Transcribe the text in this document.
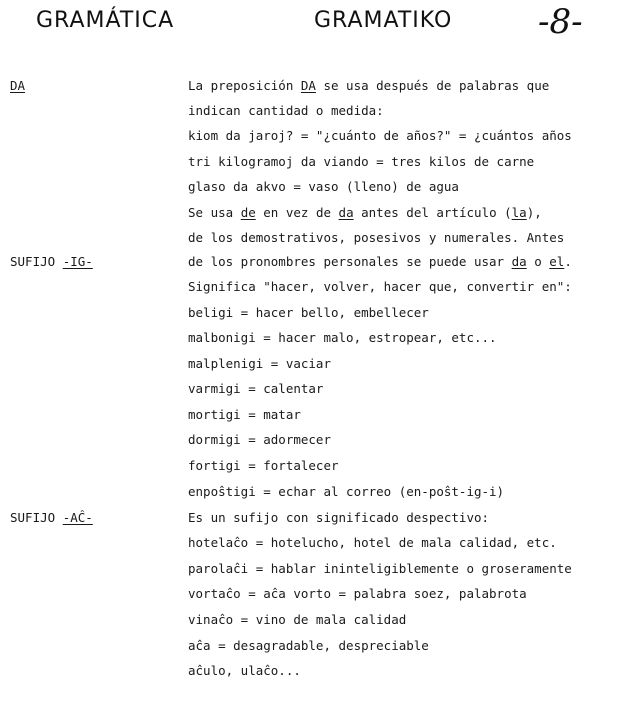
GRAMÁTICA	GRAMATIKO	-8-
DA
SUFIJO -IG-
SUFIJO -AĈ-
La preposición DA se usa después de palabras que
indican cantidad o medida:
kiom da jaroj? = "¿cuánto de años?" = ¿cuántos años
tri kilogramoj da viando = tres kilos de carne
glaso da akvo = vaso (lleno) de agua
Se usa de en vez de da antes del artículo (la),
de los demostrativos, posesivos y numerales. Antes
de los pronombres personales se puede usar da o el.
Significa "hacer, volver, hacer que, convertir en":
beligi = hacer bello, embellecer
malbonigi = hacer malo, estropear, etc...
malplenigi = vaciar
varmigi = calentar
mortigi = matar
dormigi = adormecer
fortigi = fortalecer
enpoŝtigi = echar al correo (en-poŝt-ig-i)
Es un sufijo con significado despectivo:
hotelaĉo = hotelucho, hotel de mala calidad, etc.
parolaĉi = hablar ininteligiblemente o groseramente
vortaĉo = aĉa vorto = palabra soez, palabrota
vinaĉo = vino de mala calidad
aĉa = desagradable, despreciable
aĉulo, ulaĉo...
